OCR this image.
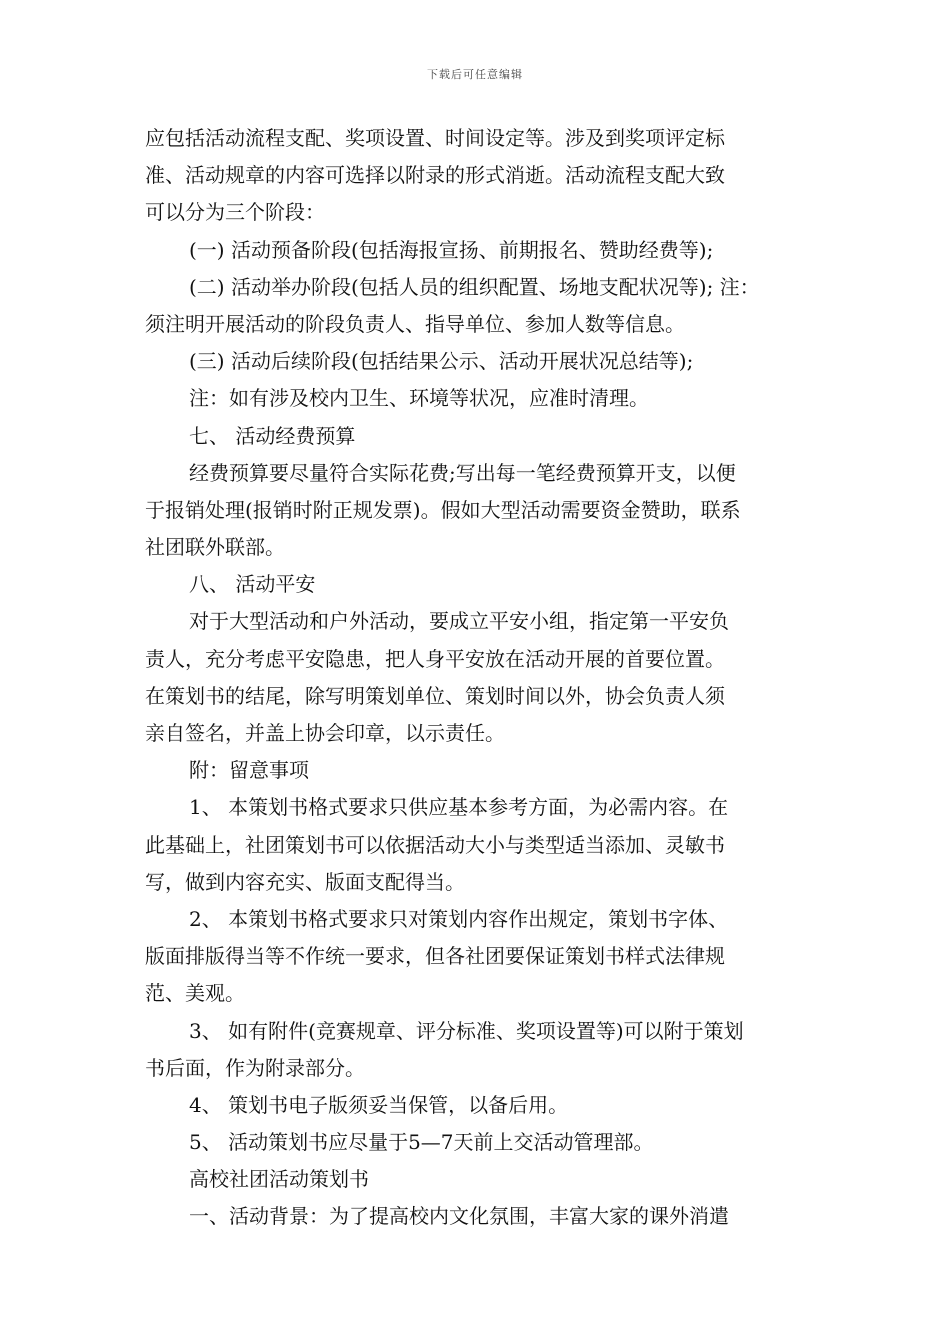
下载后可任意编辑
应包括活动流程支配、奖项设置、时间设定等。涉及到奖项评定标
准、活动规章的内容可选择以附录的形式消逝。活动流程支配大致
可以分为三个阶段：
(一) 活动预备阶段(包括海报宣扬、前期报名、赞助经费等);
(二) 活动举办阶段(包括人员的组织配置、场地支配状况等); 注：
须注明开展活动的阶段负责人、指导单位、参加人数等信息。
(三) 活动后续阶段(包括结果公示、活动开展状况总结等);
注：如有涉及校内卫生、环境等状况，应准时清理。
七、 活动经费预算
经费预算要尽量符合实际花费;写出每一笔经费预算开支，以便
于报销处理(报销时附正规发票)。假如大型活动需要资金赞助，联系
社团联外联部。
八、 活动平安
对于大型活动和户外活动，要成立平安小组，指定第一平安负
责人，充分考虑平安隐患，把人身平安放在活动开展的首要位置。
在策划书的结尾，除写明策划单位、策划时间以外，协会负责人须
亲自签名，并盖上协会印章，以示责任。
附：留意事项
1、 本策划书格式要求只供应基本参考方面，为必需内容。在
此基础上，社团策划书可以依据活动大小与类型适当添加、灵敏书
写，做到内容充实、版面支配得当。
2、 本策划书格式要求只对策划内容作出规定，策划书字体、
版面排版得当等不作统一要求，但各社团要保证策划书样式法律规
范、美观。
3、 如有附件(竞赛规章、评分标准、奖项设置等)可以附于策划
书后面，作为附录部分。
4、 策划书电子版须妥当保管，以备后用。
5、 活动策划书应尽量于5—7天前上交活动管理部。
高校社团活动策划书
一、活动背景：为了提高校内文化氛围，丰富大家的课外消遣
